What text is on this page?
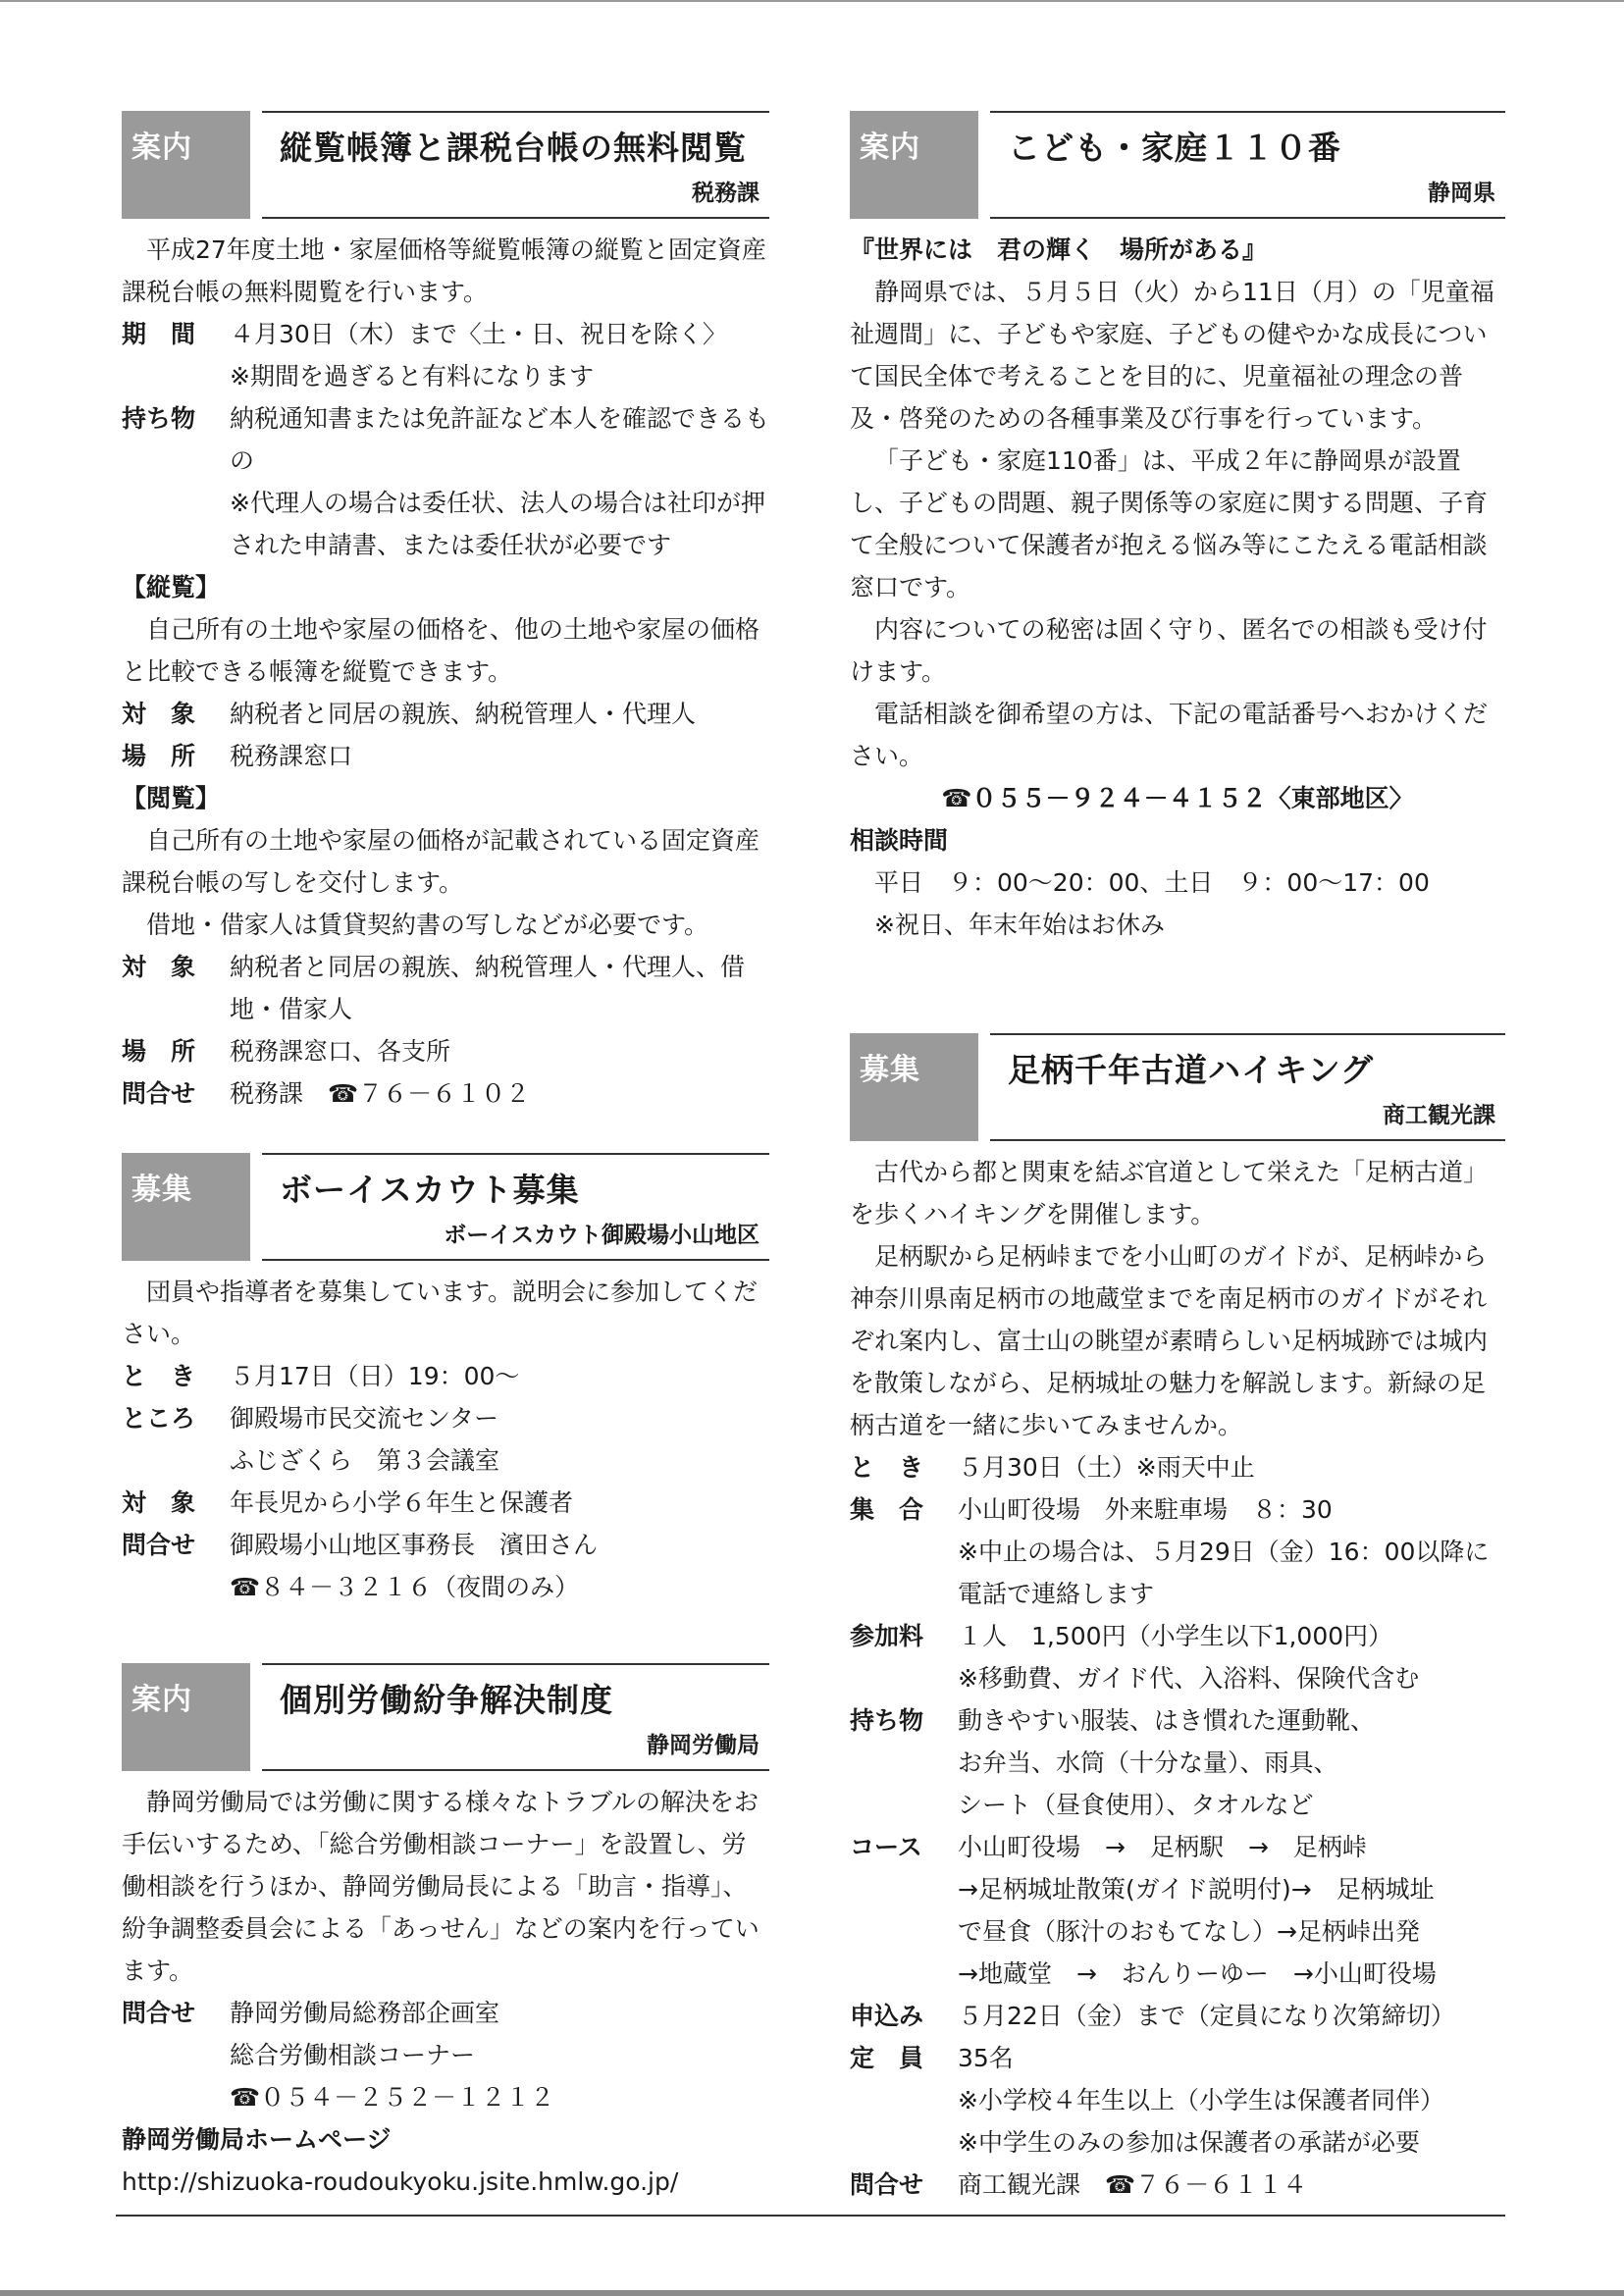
案内	縦覧帳簿と課税台帳の無料閲覧
税務課
平成27年度土地・家屋価格等縦覧帳簿の縦覧と固定資産課税台帳の無料閲覧を行います。
期　間	４月30日（木）まで〈土・日、祝日を除く〉
※期間を過ぎると有料になります
持ち物	納税通知書または免許証など本人を確認できるもの
※代理人の場合は委任状、法人の場合は社印が押された申請書、または委任状が必要です
【縦覧】
自己所有の土地や家屋の価格を、他の土地や家屋の価格と比較できる帳簿を縦覧できます。
対　象	納税者と同居の親族、納税管理人・代理人
場　所	税務課窓口
【閲覧】
自己所有の土地や家屋の価格が記載されている固定資産課税台帳の写しを交付します。
借地・借家人は賃貸契約書の写しなどが必要です。
対　象	納税者と同居の親族、納税管理人・代理人、借地・借家人
場　所	税務課窓口、各支所
問合せ	税務課　☎７６－６１０２
募集	ボーイスカウト募集
ボーイスカウト御殿場小山地区
団員や指導者を募集しています。説明会に参加してください。
と　き	５月17日（日）19：00～
ところ	御殿場市民交流センター
ふじざくら　第３会議室
対　象	年長児から小学６年生と保護者
問合せ	御殿場小山地区事務長　濱田さん
☎８４－３２１６（夜間のみ）
案内	個別労働紛争解決制度
静岡労働局
静岡労働局では労働に関する様々なトラブルの解決をお手伝いするため、「総合労働相談コーナー」を設置し、労働相談を行うほか、静岡労働局長による「助言・指導」、紛争調整委員会による「あっせん」などの案内を行っています。
問合せ	静岡労働局総務部企画室
総合労働相談コーナー
☎０５４－２５２－１２１２
静岡労働局ホームページ
http://shizuoka-roudoukyoku.jsite.hmlw.go.jp/
案内	こども・家庭１１０番
静岡県
『世界には　君の輝く　場所がある』
静岡県では、５月５日（火）から11日（月）の「児童福祉週間」に、子どもや家庭、子どもの健やかな成長について国民全体で考えることを目的に、児童福祉の理念の普及・啓発のための各種事業及び行事を行っています。
「子ども・家庭110番」は、平成２年に静岡県が設置し、子どもの問題、親子関係等の家庭に関する問題、子育て全般について保護者が抱える悩み等にこたえる電話相談窓口です。
内容についての秘密は固く守り、匿名での相談も受け付けます。
電話相談を御希望の方は、下記の電話番号へおかけください。
☎０５５－９２４－４１５２〈東部地区〉
相談時間
平日　９：00～20：00、土日　９：00～17：00
※祝日、年末年始はお休み
募集	足柄千年古道ハイキング
商工観光課
古代から都と関東を結ぶ官道として栄えた「足柄古道」を歩くハイキングを開催します。
足柄駅から足柄峠までを小山町のガイドが、足柄峠から神奈川県南足柄市の地蔵堂までを南足柄市のガイドがそれぞれ案内し、富士山の眺望が素晴らしい足柄城跡では城内を散策しながら、足柄城址の魅力を解説します。新緑の足柄古道を一緒に歩いてみませんか。
と　き	５月30日（土）※雨天中止
集　合	小山町役場　外来駐車場　８：30
※中止の場合は、５月29日（金）16：00以降に電話で連絡します
参加料	１人　1,500円（小学生以下1,000円）
※移動費、ガイド代、入浴料、保険代含む
持ち物	動きやすい服装、はき慣れた運動靴、
お弁当、水筒（十分な量）、雨具、
シート（昼食使用）、タオルなど
コース	小山町役場　→　足柄駅　→　足柄峠
→足柄城址散策(ガイド説明付)→　足柄城址
で昼食（豚汁のおもてなし）→足柄峠出発
→地蔵堂　→　おんりーゆー　→小山町役場
申込み	５月22日（金）まで（定員になり次第締切）
定　員	35名
※小学校４年生以上（小学生は保護者同伴）
※中学生のみの参加は保護者の承諾が必要
問合せ	商工観光課　☎７６－６１１４
